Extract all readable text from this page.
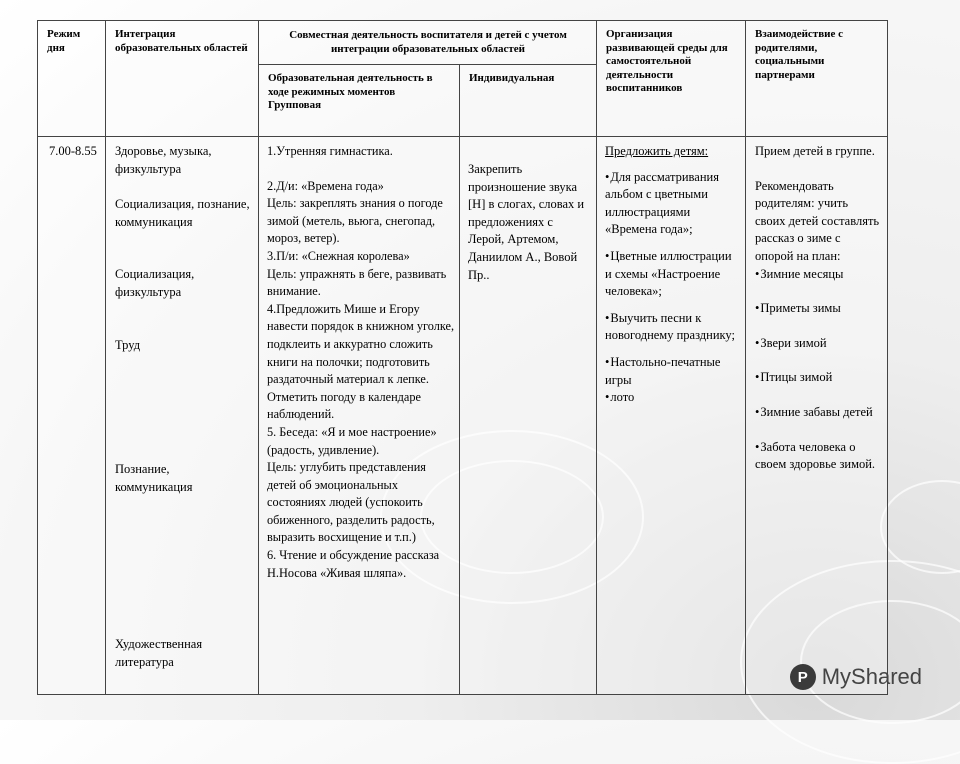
Режим дня
Интеграция образовательных областей
Совместная деятельность воспитателя и детей с учетом интеграции образовательных областей
Образовательная деятельность в ходе режимных моментов Групповая
Индивидуальная
Организация развивающей среды для самостоятельной деятельности воспитанников
Взаимодействие с родителями, социальными партнерами
7.00-8.55	Здоровье, музыка, физкультура
Социализация, познание, коммуникация
Социализация, физкультура
Труд
Познание, коммуникация
Художественная литература

1.Утренняя гимнастика.

2.Д/и: «Времена года»

Цель: закреплять знания о погоде зимой (метель, вьюга, снегопад, мороз, ветер).

3.П/и: «Снежная королева»

Цель: упражнять в беге, развивать внимание.

4.Предложить Мише и Егору навести порядок в книжном уголке, подклеить и аккуратно сложить книги на полочки; подготовить раздаточный материал к лепке. Отметить погоду в календаре наблюдений.

5. Беседа: «Я и мое настроение» (радость, удивление).

Цель: углубить представления детей об эмоциональных состояниях людей (успокоить обиженного, разделить радость, выразить восхищение и т.п.)

6. Чтение и обсуждение рассказа Н.Носова «Живая шляпа».

Закрепить произношение звука [Н] в слогах, словах и предложениях с Лерой, Артемом, Даниилом А., Вовой Пр..

Предложить детям:

• Для рассматривания альбом с цветными иллюстрациями «Времена года»;

• Цветные иллюстрации и схемы «Настроение человека»;

• Выучить песни к новогоднему празднику;

• Настольно-печатные игры

• лото

Прием детей в группе.

Рекомендовать родителям: учить своих детей составлять рассказ о зиме с опорой на план:

• Зимние месяцы

• Приметы зимы

• Звери зимой

• Птицы зимой

• Зимние забавы детей

• Забота человека о своем здоровье зимой.

P MyShared
